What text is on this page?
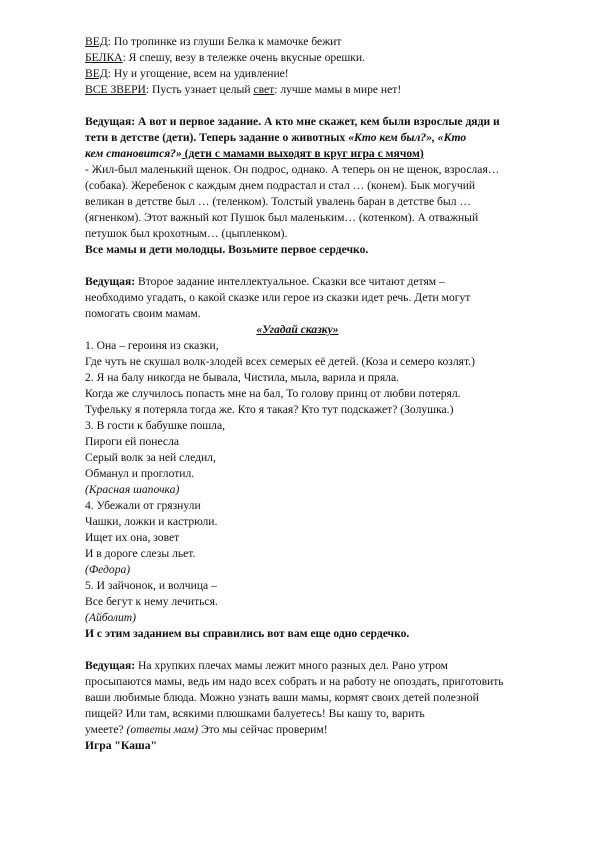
ВЕД: По тропинке из глуши Белка к мамочке бежит
БЕЛКА: Я спешу, везу в тележке очень вкусные орешки.
ВЕД: Ну и угощение, всем на удивление!
ВСЕ ЗВЕРИ: Пусть узнает целый свет: лучше мамы в мире нет!
Ведущая: А вот и первое задание. А кто мне скажет, кем были взрослые дяди и
тети в детстве (дети). Теперь задание о животных «Кто кем был?», «Кто
кем становится?» (дети с мамами выходят в круг игра с мячом)
- Жил-был маленький щенок. Он подрос, однако. А теперь он не щенок, взрослая…
(собака). Жеребенок с каждым днем подрастал и стал … (конем). Бык могучий
великан в детстве был … (теленком). Толстый увалень баран в детстве был …
(ягненком). Этот важный кот Пушок был маленьким… (котенком). А отважный
петушок был крохотным… (цыпленком).
Все мамы и дети молодцы. Возьмите первое сердечко.
Ведущая: Второе задание интеллектуальное. Сказки все читают детям –
необходимо угадать, о какой сказке или герое из сказки идет речь. Дети могут
помогать своим мамам.
«Угадай сказку»
1. Она – героиня из сказки,
Где чуть не скушал волк-злодей всех семерых её детей. (Коза и семеро козлят.)
2. Я на балу никогда не бывала, Чистила, мыла, варила и пряла.
Когда же случилось попасть мне на бал, То голову принц от любви потерял.
Туфельку я потеряла тогда же. Кто я такая? Кто тут подскажет? (Золушка.)
3. В гости к бабушке пошла,
Пироги ей понесла
Серый волк за ней следил,
Обманул и проглотил.
(Красная шапочка)
4. Убежали от грязнули
Чашки, ложки и кастрюли.
Ищет их она, зовет
И в дороге слезы льет.
(Федора)
5. И зайчонок, и волчица –
Все бегут к нему лечиться.
(Айболит)
И с этим заданием вы справились вот вам еще одно сердечко.
Ведущая: На хрупких плечах мамы лежит много разных дел. Рано утром
просыпаются мамы, ведь им надо всех собрать и на работу не опоздать, приготовить
ваши любимые блюда. Можно узнать ваши мамы, кормят своих детей полезной
пищей? Или там, всякими плюшками балуетесь! Вы кашу то, варить
умеете? (ответы мам) Это мы сейчас проверим!
Игра "Каша"
